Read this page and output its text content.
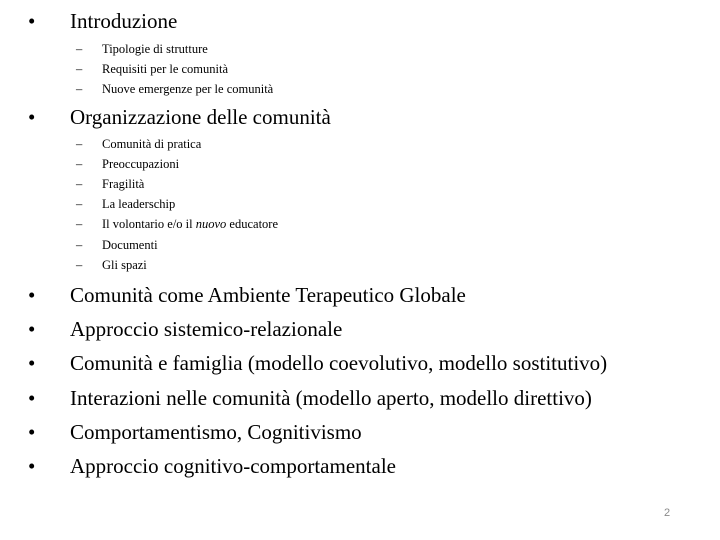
• Introduzione
– Tipologie di strutture
– Requisiti per le comunità
– Nuove emergenze per le comunità
• Organizzazione delle comunità
– Comunità di pratica
– Preoccupazioni
– Fragilità
– La leaderschip
– Il volontario e/o il nuovo educatore
– Documenti
– Gli spazi
• Comunità come Ambiente Terapeutico Globale
• Approccio sistemico-relazionale
• Comunità e famiglia (modello coevolutivo, modello sostitutivo)
• Interazioni nelle comunità (modello aperto, modello direttivo)
• Comportamentismo, Cognitivismo
• Approccio cognitivo-comportamentale
2
